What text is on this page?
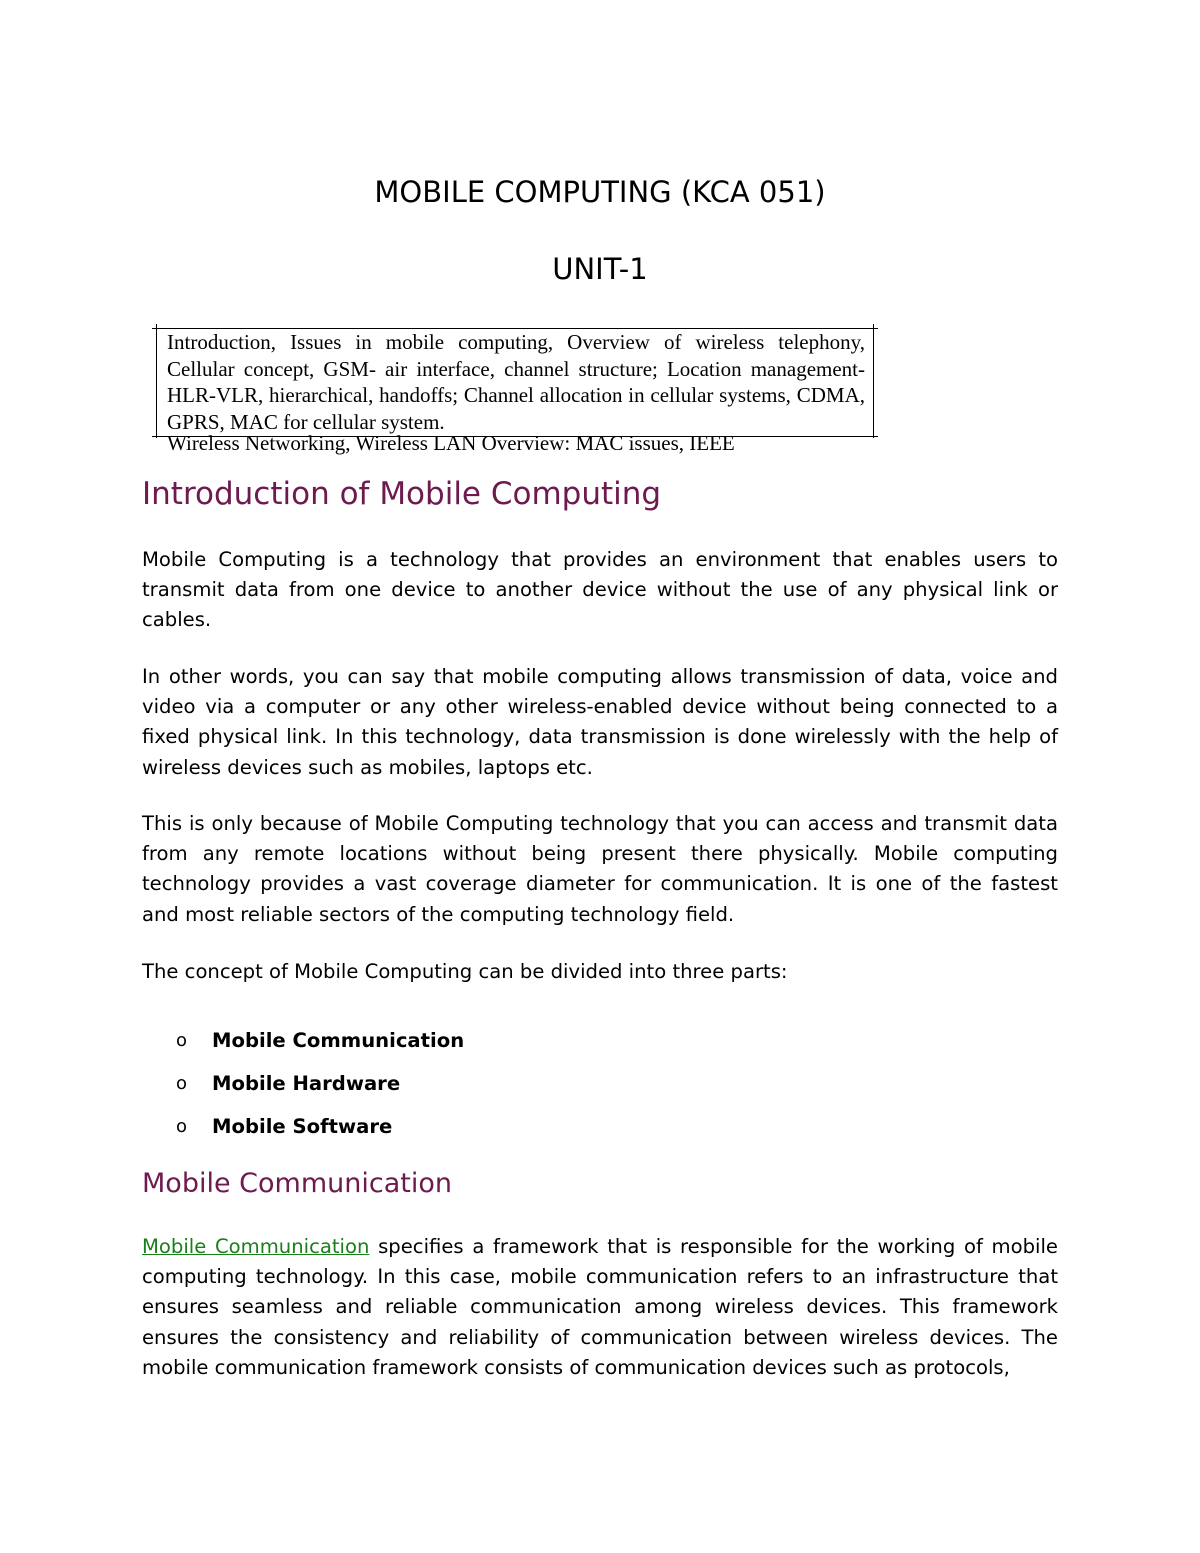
MOBILE COMPUTING (KCA 051)
UNIT-1
Introduction, Issues in mobile computing, Overview of wireless telephony, Cellular concept, GSM- air interface, channel structure; Location management- HLR-VLR, hierarchical, handoffs; Channel allocation in cellular systems, CDMA, GPRS, MAC for cellular system.
Wireless Networking, Wireless LAN Overview: MAC issues, IEEE
Introduction of Mobile Computing

Mobile Computing is a technology that provides an environment that enables users to transmit data from one device to another device without the use of any physical link or cables.

In other words, you can say that mobile computing allows transmission of data, voice and video via a computer or any other wireless-enabled device without being connected to a fixed physical link. In this technology, data transmission is done wirelessly with the help of wireless devices such as mobiles, laptops etc.

This is only because of Mobile Computing technology that you can access and transmit data from any remote locations without being present there physically. Mobile computing technology provides a vast coverage diameter for communication. It is one of the fastest and most reliable sectors of the computing technology field.

The concept of Mobile Computing can be divided into three parts:

o	Mobile Communication
o	Mobile Hardware
o	Mobile Software
Mobile Communication

Mobile Communication specifies a framework that is responsible for the working of mobile computing technology. In this case, mobile communication refers to an infrastructure that ensures seamless and reliable communication among wireless devices. This framework ensures the consistency and reliability of communication between wireless devices. The mobile communication framework consists of communication devices such as protocols,
